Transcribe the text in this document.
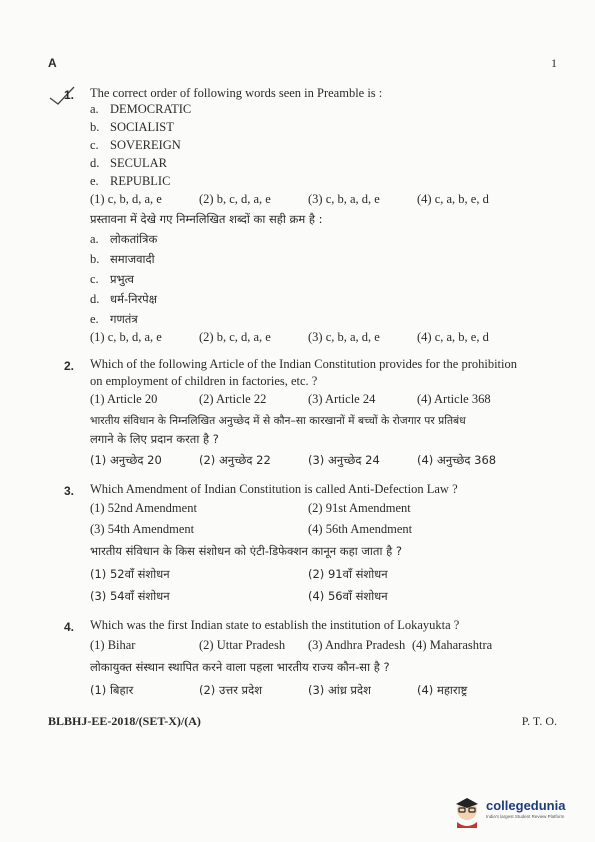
A	1
1. The correct order of following words seen in Preamble is :
a. DEMOCRATIC
b. SOCIALIST
c. SOVEREIGN
d. SECULAR
e. REPUBLIC
(1) c, b, d, a, e	(2) b, c, d, a, e	(3) c, b, a, d, e	(4) c, a, b, e, d
प्रस्तावना में देखे गए निम्नलिखित शब्दों का सही क्रम है :
a. लोकतांत्रिक
b. समाजवादी
c. प्रभुत्व
d. धर्म-निरपेक्ष
e. गणतंत्र
(1) c, b, d, a, e	(2) b, c, d, a, e	(3) c, b, a, d, e	(4) c, a, b, e, d
2. Which of the following Article of the Indian Constitution provides for the prohibition
on employment of children in factories, etc. ?
(1) Article 20	(2) Article 22	(3) Article 24	(4) Article 368
भारतीय संविधान के निम्नलिखित अनुच्छेद में से कौन–सा कारखानों में बच्चों के रोजगार पर प्रतिबंध
लगाने के लिए प्रदान करता है ?
(1) अनुच्छेद 20	(2) अनुच्छेद 22	(3) अनुच्छेद 24	(4) अनुच्छेद 368
3. Which Amendment of Indian Constitution is called Anti-Defection Law ?
(1) 52nd Amendment	(2) 91st Amendment
(3) 54th Amendment	(4) 56th Amendment
भारतीय संविधान के किस संशोधन को एंटी-डिफेक्शन कानून कहा जाता है ?
(1) 52वाँ संशोधन	(2) 91वाँ संशोधन
(3) 54वाँ संशोधन	(4) 56वाँ संशोधन
4. Which was the first Indian state to establish the institution of Lokayukta ?
(1) Bihar	(2) Uttar Pradesh (3) Andhra Pradesh (4) Maharashtra
लोकायुक्त संस्थान स्थापित करने वाला पहला भारतीय राज्य कौन-सा है ?
(1) बिहार	(2) उत्तर प्रदेश	(3) आंध्र प्रदेश	(4) महाराष्ट्र
BLBHJ-EE-2018/(SET-X)/(A)	P. T. O.
collegedunia
India's largest Student Review Platform
